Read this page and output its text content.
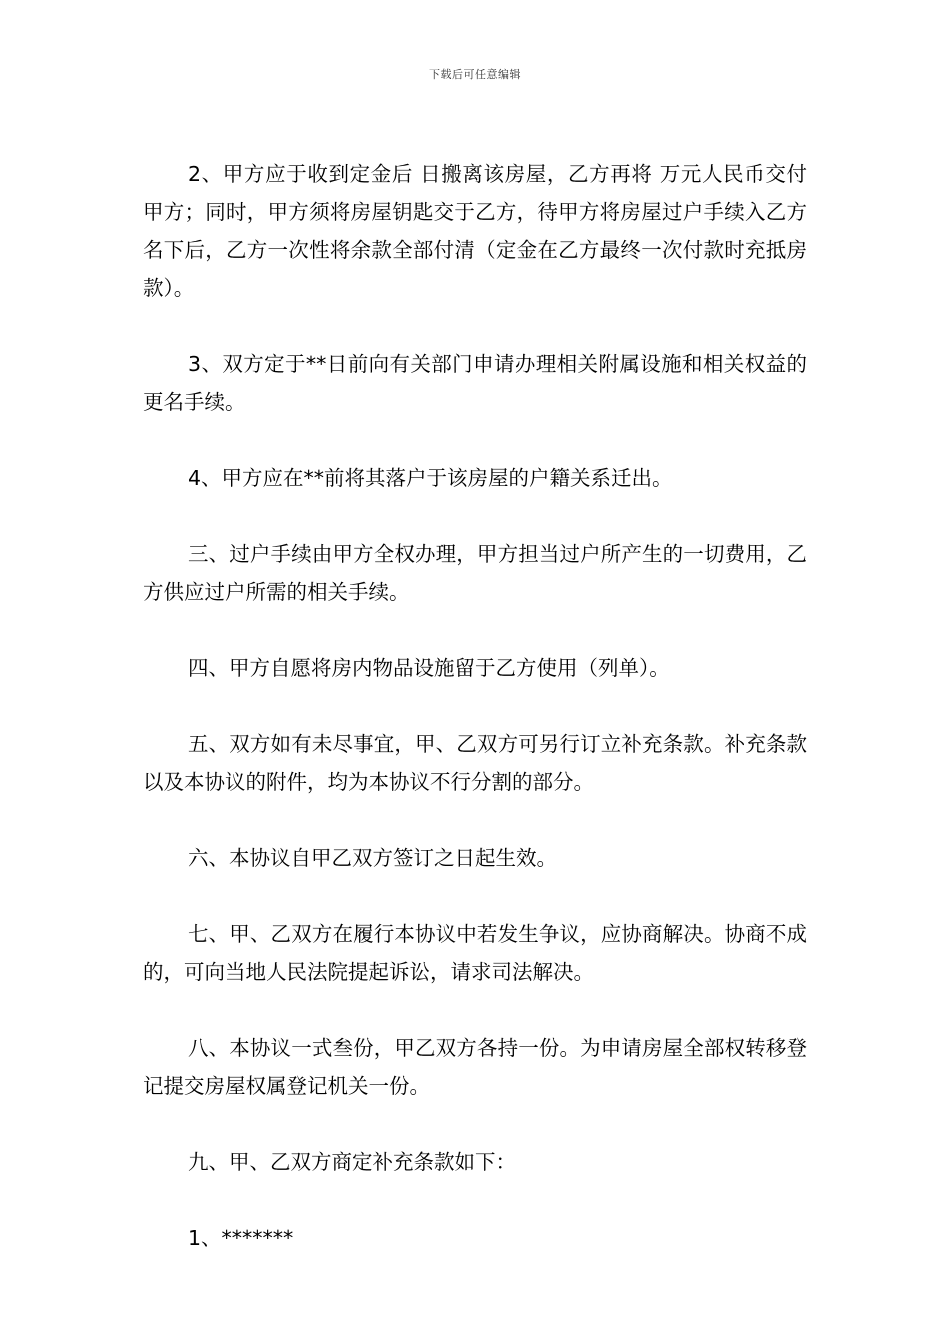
下载后可任意编辑

2、甲方应于收到定金后 日搬离该房屋，乙方再将 万元人民币交付甲方；同时，甲方须将房屋钥匙交于乙方，待甲方将房屋过户手续入乙方名下后，乙方一次性将余款全部付清（定金在乙方最终一次付款时充抵房款）。

3、双方定于**日前向有关部门申请办理相关附属设施和相关权益的更名手续。

4、甲方应在**前将其落户于该房屋的户籍关系迁出。

三、过户手续由甲方全权办理，甲方担当过户所产生的一切费用，乙方供应过户所需的相关手续。

四、甲方自愿将房内物品设施留于乙方使用（列单）。

五、双方如有未尽事宜，甲、乙双方可另行订立补充条款。补充条款以及本协议的附件，均为本协议不行分割的部分。

六、本协议自甲乙双方签订之日起生效。

七、甲、乙双方在履行本协议中若发生争议，应协商解决。协商不成的，可向当地人民法院提起诉讼，请求司法解决。

八、本协议一式叁份，甲乙双方各持一份。为申请房屋全部权转移登记提交房屋权属登记机关一份。

九、甲、乙双方商定补充条款如下：

1、*******
